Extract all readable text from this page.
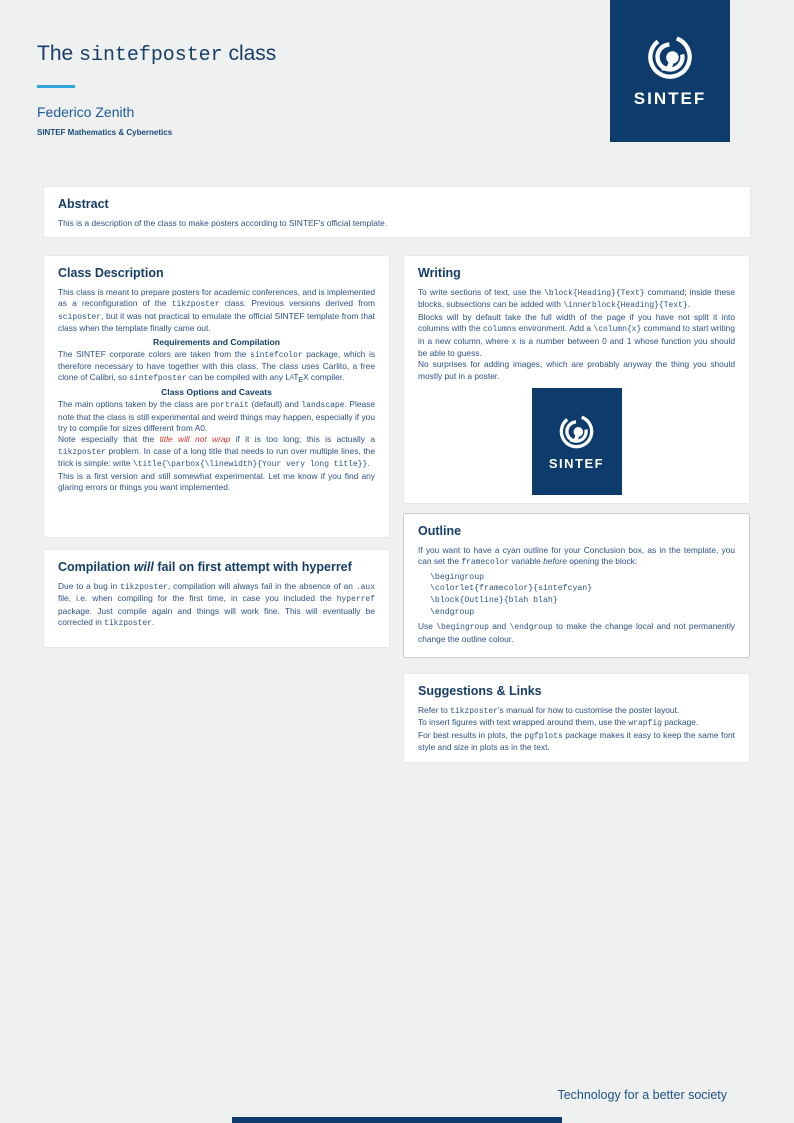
The sintefposter class
Federico Zenith
SINTEF Mathematics & Cybernetics
SINTEF
Abstract

This is a description of the class to make posters according to SINTEF's official template.

Class Description

This class is meant to prepare posters for academic conferences, and is implemented as a reconfiguration of the tikzposter class. Previous versions derived from sciposter, but it was not practical to emulate the official SINTEF template from that class when the template finally came out.

Requirements and Compilation

The SINTEF corporate colors are taken from the sintefcolor package, which is therefore necessary to have together with this class. The class uses Carlito, a free clone of Calibri, so sintefposter can be compiled with any $L^ATEX$ compiler.

Class Options and Caveats

The main options taken by the class are portrait (default) and landscape. Please note that the class is still experimental and weird things may happen, especially if you try to compile for sizes different from A0.

Note especially that the title will not wrap if it is too long; this is actually a tikzposter problem. In case of a long title that needs to run over multiple lines, the trick is simple: write \title{\parbox{\linewidth}{Your very long title}}.

This is a first version and still somewhat experimental. Let me know if you find any glaring errors or things you want implemented.

Compilation will fail on first attempt with hyperref

Due to a bug in tikzposter, compilation will always fail in the absence of an .aux file, i.e. when compiling for the first time, in case you included the hyperref package. Just compile again and things will work fine. This will eventually be corrected in tikzposter.

Writing

To write sections of text, use the \block{Heading}{Text} command; inside these blocks, subsections can be added with \innerblock{Heading}{Text}.

Blocks will by default take the full width of the page if you have not split it into columns with the columns environment. Add a \column{x} command to start writing in a new column, where x is a number between 0 and 1 whose function you should be able to guess.

No surprises for adding images, which are probably anyway the thing you should mostly put in a poster.

SINTEF
Outline

If you want to have a cyan outline for your Conclusion box, as in the template, you can set the framecolor variable before opening the block:

\begingroup
\colorlet{framecolor}{sintefcyan}
\block{Outline}{blah blah}
\endgroup

Use \begingroup and \endgroup to make the change local and not permanently change the outline colour.

Suggestions & Links

Refer to tikzposter's manual for how to customise the poster layout.

To insert figures with text wrapped around them, use the wrapfig package.

For best results in plots, the pgfplots package makes it easy to keep the same font style and size in plots as in the text.

Technology for a better society
